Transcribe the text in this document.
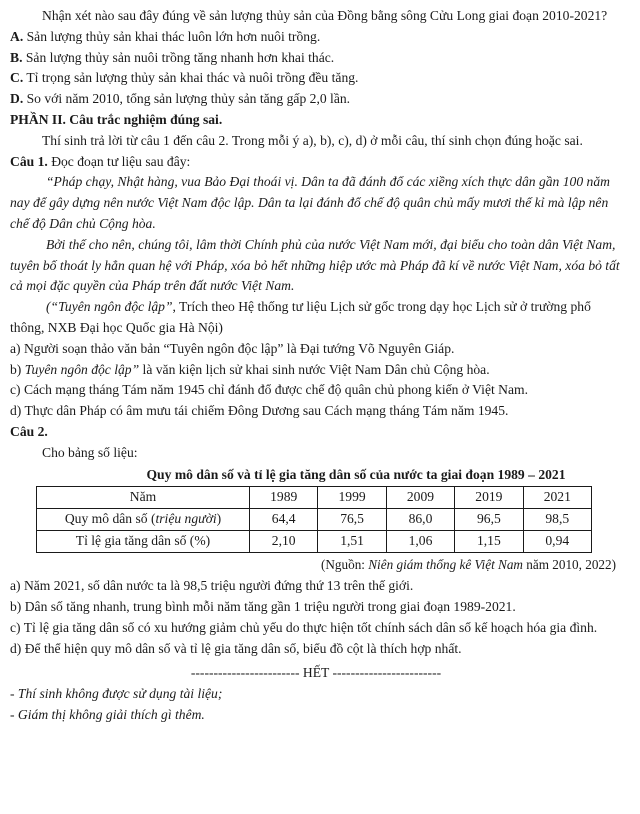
Nhận xét nào sau đây đúng về sản lượng thủy sản của Đồng bằng sông Cửu Long giai đoạn 2010-2021?

A. Sản lượng thủy sản khai thác luôn lớn hơn nuôi trồng.

B. Sản lượng thủy sản nuôi trồng tăng nhanh hơn khai thác.

C. Tỉ trọng sản lượng thủy sản khai thác và nuôi trồng đều tăng.

D. So với năm 2010, tổng sản lượng thủy sản tăng gấp 2,0 lần.

PHẦN II. Câu trắc nghiệm đúng sai.

Thí sinh trả lời từ câu 1 đến câu 2. Trong mỗi ý a), b), c), d) ở mỗi câu, thí sinh chọn đúng hoặc sai.

Câu 1. Đọc đoạn tư liệu sau đây:

“Pháp chạy, Nhật hàng, vua Bảo Đại thoái vị. Dân ta đã đánh đổ các xiềng xích thực dân gần 100 năm nay để gây dựng nên nước Việt Nam độc lập. Dân ta lại đánh đổ chế độ quân chủ mấy mươi thế kỉ mà lập nên chế độ Dân chủ Cộng hòa.

Bởi thế cho nên, chúng tôi, lâm thời Chính phủ của nước Việt Nam mới, đại biểu cho toàn dân Việt Nam, tuyên bố thoát ly hẳn quan hệ với Pháp, xóa bỏ hết những hiệp ước mà Pháp đã kí về nước Việt Nam, xóa bỏ tất cả mọi đặc quyền của Pháp trên đất nước Việt Nam.

(“Tuyên ngôn độc lập”, Trích theo Hệ thống tư liệu Lịch sử gốc trong dạy học Lịch sử ở trường phổ thông, NXB Đại học Quốc gia Hà Nội)

a) Người soạn thảo văn bản “Tuyên ngôn độc lập” là Đại tướng Võ Nguyên Giáp.

b) Tuyên ngôn độc lập” là văn kiện lịch sử khai sinh nước Việt Nam Dân chủ Cộng hòa.

c) Cách mạng tháng Tám năm 1945 chỉ đánh đổ được chế độ quân chủ phong kiến ở Việt Nam.

d) Thực dân Pháp có âm mưu tái chiếm Đông Dương sau Cách mạng tháng Tám năm 1945.

Câu 2.

Cho bảng số liệu:

Quy mô dân số và tỉ lệ gia tăng dân số của nước ta giai đoạn 1989 – 2021

Năm	1989	1999	2009	2019	2021
Quy mô dân số (triệu người)	64,4	76,5	86,0	96,5	98,5
Tỉ lệ gia tăng dân số (%)	2,10	1,51	1,06	1,15	0,94

(Nguồn: Niên giám thống kê Việt Nam năm 2010, 2022)

a) Năm 2021, số dân nước ta là 98,5 triệu người đứng thứ 13 trên thế giới.

b) Dân số tăng nhanh, trung bình mỗi năm tăng gần 1 triệu người trong giai đoạn 1989-2021.

c) Tỉ lệ gia tăng dân số có xu hướng giảm chủ yếu do thực hiện tốt chính sách dân số kế hoạch hóa gia đình.

d) Để thể hiện quy mô dân số và tỉ lệ gia tăng dân số, biểu đồ cột là thích hợp nhất.

------------------------ HẾT ------------------------

- Thí sinh không được sử dụng tài liệu;

- Giám thị không giải thích gì thêm.
